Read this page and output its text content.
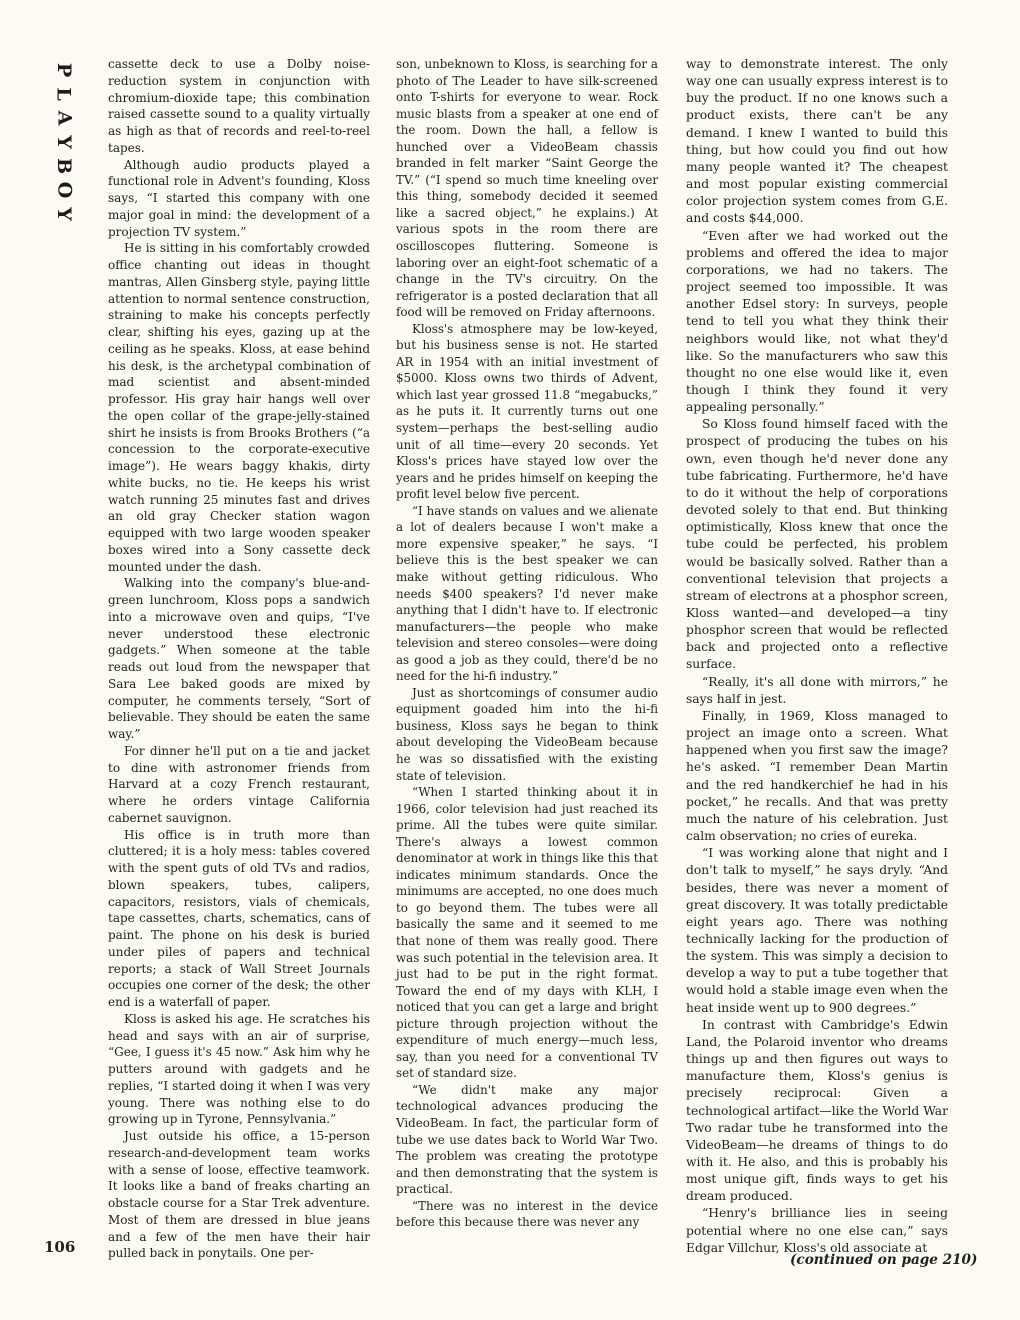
P
L
A
Y
B
O
Y

cassette deck to use a Dolby noise-reduction system in conjunction with chromium-dioxide tape; this combination raised cassette sound to a quality virtually as high as that of records and reel-to-reel tapes.

Although audio products played a functional role in Advent's founding, Kloss says, “I started this company with one major goal in mind: the development of a projection TV system.”

He is sitting in his comfortably crowded office chanting out ideas in thought mantras, Allen Ginsberg style, paying little attention to normal sentence construction, straining to make his concepts perfectly clear, shifting his eyes, gazing up at the ceiling as he speaks. Kloss, at ease behind his desk, is the archetypal combination of mad scientist and absent-minded professor. His gray hair hangs well over the open collar of the grape-jelly-stained shirt he insists is from Brooks Brothers (“a concession to the corporate-executive image”). He wears baggy khakis, dirty white bucks, no tie. He keeps his wrist watch running 25 minutes fast and drives an old gray Checker station wagon equipped with two large wooden speaker boxes wired into a Sony cassette deck mounted under the dash.

Walking into the company's blue-and-green lunchroom, Kloss pops a sandwich into a microwave oven and quips, “I've never understood these electronic gadgets.” When someone at the table reads out loud from the newspaper that Sara Lee baked goods are mixed by computer, he comments tersely, “Sort of believable. They should be eaten the same way.”

For dinner he'll put on a tie and jacket to dine with astronomer friends from Harvard at a cozy French restaurant, where he orders vintage California cabernet sauvignon.

His office is in truth more than cluttered; it is a holy mess: tables covered with the spent guts of old TVs and radios, blown speakers, tubes, calipers, capacitors, resistors, vials of chemicals, tape cassettes, charts, schematics, cans of paint. The phone on his desk is buried under piles of papers and technical reports; a stack of Wall Street Journals occupies one corner of the desk; the other end is a waterfall of paper.

Kloss is asked his age. He scratches his head and says with an air of surprise, “Gee, I guess it's 45 now.” Ask him why he putters around with gadgets and he replies, “I started doing it when I was very young. There was nothing else to do growing up in Tyrone, Pennsylvania.”

Just outside his office, a 15-person research-and-development team works with a sense of loose, effective teamwork. It looks like a band of freaks charting an obstacle course for a Star Trek adventure. Most of them are dressed in blue jeans and a few of the men have their hair pulled back in ponytails. One per-

son, unbeknown to Kloss, is searching for a photo of The Leader to have silk-screened onto T-shirts for everyone to wear. Rock music blasts from a speaker at one end of the room. Down the hall, a fellow is hunched over a VideoBeam chassis branded in felt marker “Saint George the TV.” (“I spend so much time kneeling over this thing, somebody decided it seemed like a sacred object,” he explains.) At various spots in the room there are oscilloscopes fluttering. Someone is laboring over an eight-foot schematic of a change in the TV's circuitry. On the refrigerator is a posted declaration that all food will be removed on Friday afternoons.

Kloss's atmosphere may be low-keyed, but his business sense is not. He started AR in 1954 with an initial investment of $5000. Kloss owns two thirds of Advent, which last year grossed 11.8 “megabucks,” as he puts it. It currently turns out one system—perhaps the best-selling audio unit of all time—every 20 seconds. Yet Kloss's prices have stayed low over the years and he prides himself on keeping the profit level below five percent.

“I have stands on values and we alienate a lot of dealers because I won't make a more expensive speaker,” he says. “I believe this is the best speaker we can make without getting ridiculous. Who needs $400 speakers? I'd never make anything that I didn't have to. If electronic manufacturers—the people who make television and stereo consoles—were doing as good a job as they could, there'd be no need for the hi-fi industry.”

Just as shortcomings of consumer audio equipment goaded him into the hi-fi business, Kloss says he began to think about developing the VideoBeam because he was so dissatisfied with the existing state of television.

“When I started thinking about it in 1966, color television had just reached its prime. All the tubes were quite similar. There's always a lowest common denominator at work in things like this that indicates minimum standards. Once the minimums are accepted, no one does much to go beyond them. The tubes were all basically the same and it seemed to me that none of them was really good. There was such potential in the television area. It just had to be put in the right format. Toward the end of my days with KLH, I noticed that you can get a large and bright picture through projection without the expenditure of much energy—much less, say, than you need for a conventional TV set of standard size.

“We didn't make any major technological advances producing the VideoBeam. In fact, the particular form of tube we use dates back to World War Two. The problem was creating the prototype and then demonstrating that the system is practical.

“There was no interest in the device before this because there was never any

way to demonstrate interest. The only way one can usually express interest is to buy the product. If no one knows such a product exists, there can't be any demand. I knew I wanted to build this thing, but how could you find out how many people wanted it? The cheapest and most popular existing commercial color projection system comes from G.E. and costs $44,000.

“Even after we had worked out the problems and offered the idea to major corporations, we had no takers. The project seemed too impossible. It was another Edsel story: In surveys, people tend to tell you what they think their neighbors would like, not what they'd like. So the manufacturers who saw this thought no one else would like it, even though I think they found it very appealing personally.”

So Kloss found himself faced with the prospect of producing the tubes on his own, even though he'd never done any tube fabricating. Furthermore, he'd have to do it without the help of corporations devoted solely to that end. But thinking optimistically, Kloss knew that once the tube could be perfected, his problem would be basically solved. Rather than a conventional television that projects a stream of electrons at a phosphor screen, Kloss wanted—and developed—a tiny phosphor screen that would be reflected back and projected onto a reflective surface.

“Really, it's all done with mirrors,” he says half in jest.

Finally, in 1969, Kloss managed to project an image onto a screen. What happened when you first saw the image? he's asked. “I remember Dean Martin and the red handkerchief he had in his pocket,” he recalls. And that was pretty much the nature of his celebration. Just calm observation; no cries of eureka.

“I was working alone that night and I don't talk to myself,” he says dryly. “And besides, there was never a moment of great discovery. It was totally predictable eight years ago. There was nothing technically lacking for the production of the system. This was simply a decision to develop a way to put a tube together that would hold a stable image even when the heat inside went up to 900 degrees.”

In contrast with Cambridge's Edwin Land, the Polaroid inventor who dreams things up and then figures out ways to manufacture them, Kloss's genius is precisely reciprocal: Given a technological artifact—like the World War Two radar tube he transformed into the VideoBeam—he dreams of things to do with it. He also, and this is probably his most unique gift, finds ways to get his dream produced.

“Henry's brilliance lies in seeing potential where no one else can,” says Edgar Villchur, Kloss's old associate at

106
(continued on page 210)
